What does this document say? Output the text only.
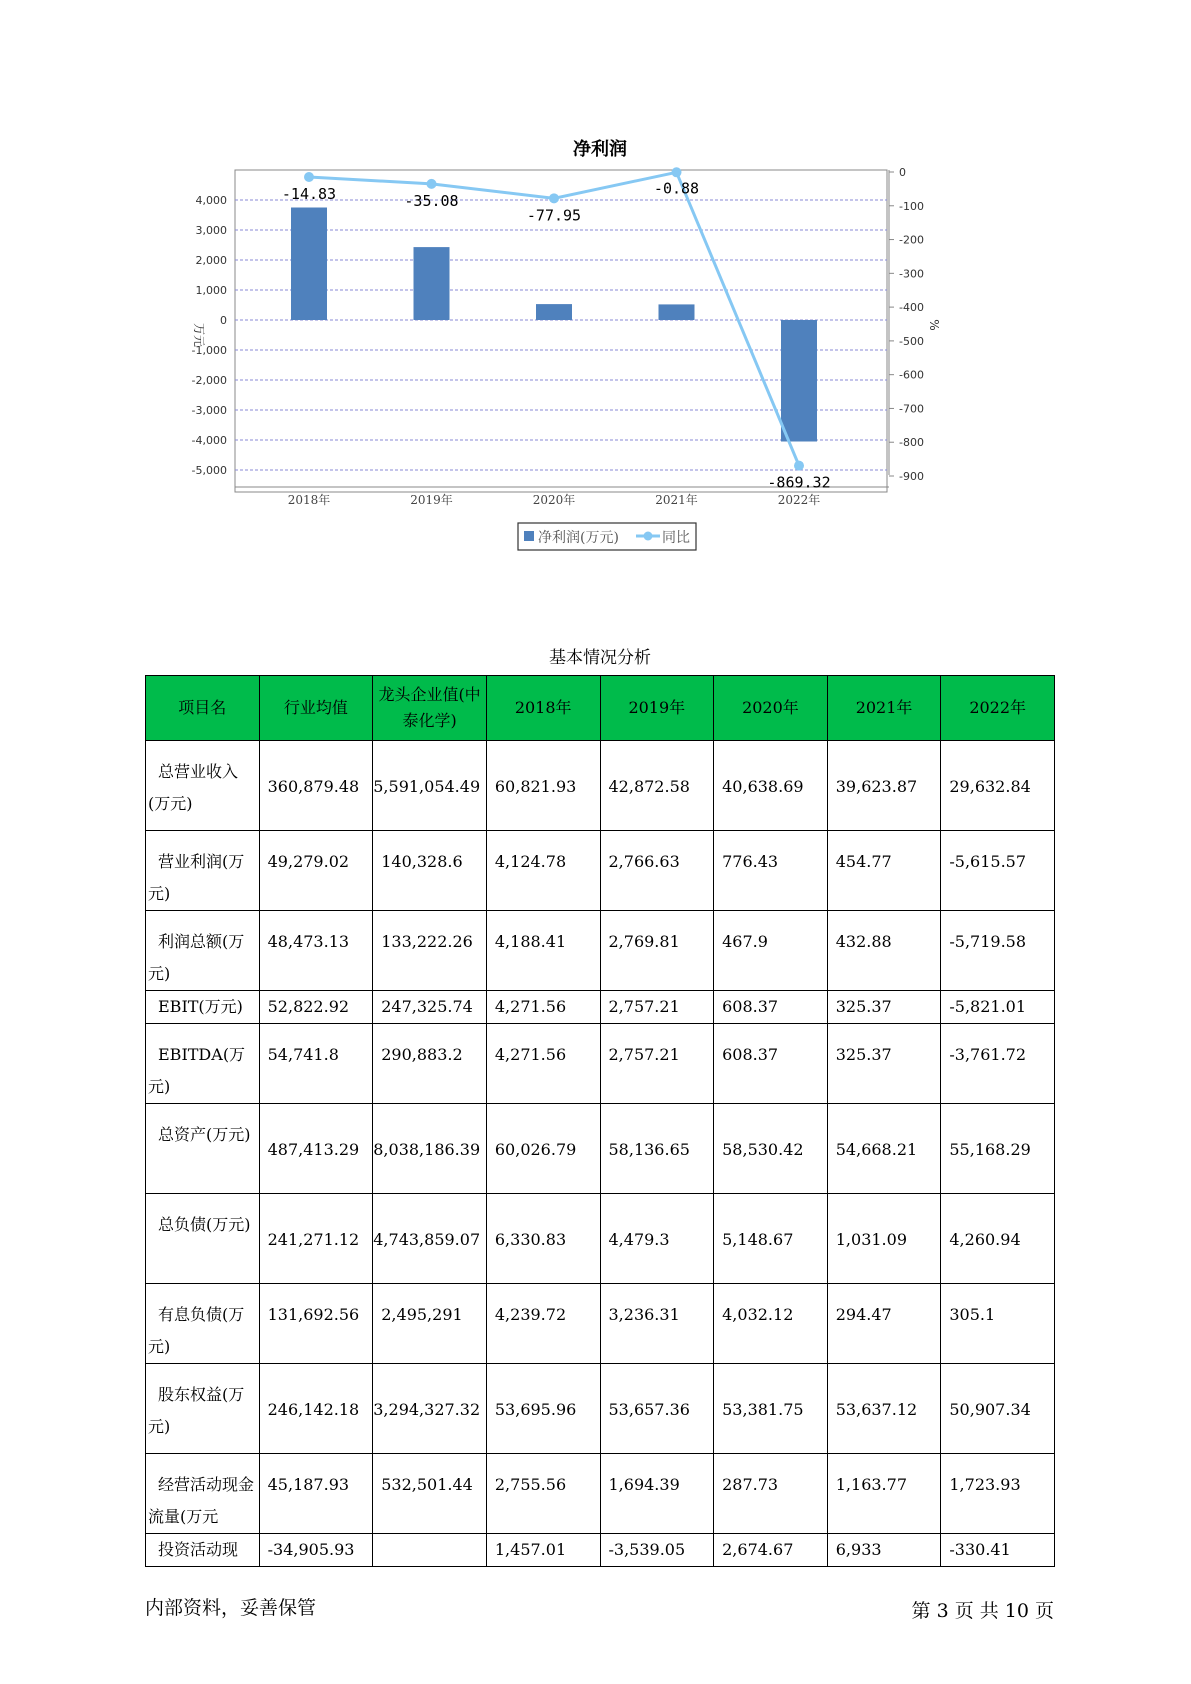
净利润
4,000
3,000
2,000
1,000
0
-1,000
-2,000
-3,000
-4,000
-5,000
0
-100
-200
-300
-400
-500
-600
-700
-800
-900
2018年	2019年	2020年	2021年	2022年
-14.83	-35.08
-77.95
-0.88
-869.32
万元	%
净利润(万元)	同比
基本情况分析
项目名	行业均值	龙头企业值(中泰化学)	2018年	2019年	2020年	2021年	2022年
总营业收入(万元)	360,879.48	5,591,054.49	60,821.93	42,872.58	40,638.69	39,623.87	29,632.84
营业利润(万元)	49,279.02	140,328.6	4,124.78	2,766.63	776.43	454.77	-5,615.57
利润总额(万元)	48,473.13	133,222.26	4,188.41	2,769.81	467.9	432.88	-5,719.58
EBIT(万元)	52,822.92	247,325.74	4,271.56	2,757.21	608.37	325.37	-5,821.01
EBITDA(万元)	54,741.8	290,883.2	4,271.56	2,757.21	608.37	325.37	-3,761.72
总资产(万元)	487,413.29	8,038,186.39	60,026.79	58,136.65	58,530.42	54,668.21	55,168.29
总负债(万元)	241,271.12	4,743,859.07	6,330.83	4,479.3	5,148.67	1,031.09	4,260.94
有息负债(万元)	131,692.56	2,495,291	4,239.72	3,236.31	4,032.12	294.47	305.1
股东权益(万元)	246,142.18	3,294,327.32	53,695.96	53,657.36	53,381.75	53,637.12	50,907.34
经营活动现金流量(万元	45,187.93	532,501.44	2,755.56	1,694.39	287.73	1,163.77	1,723.93
投资活动现	-34,905.93		1,457.01	-3,539.05	2,674.67	6,933	-330.41
内部资料，妥善保管	第 3 页 共 10 页
